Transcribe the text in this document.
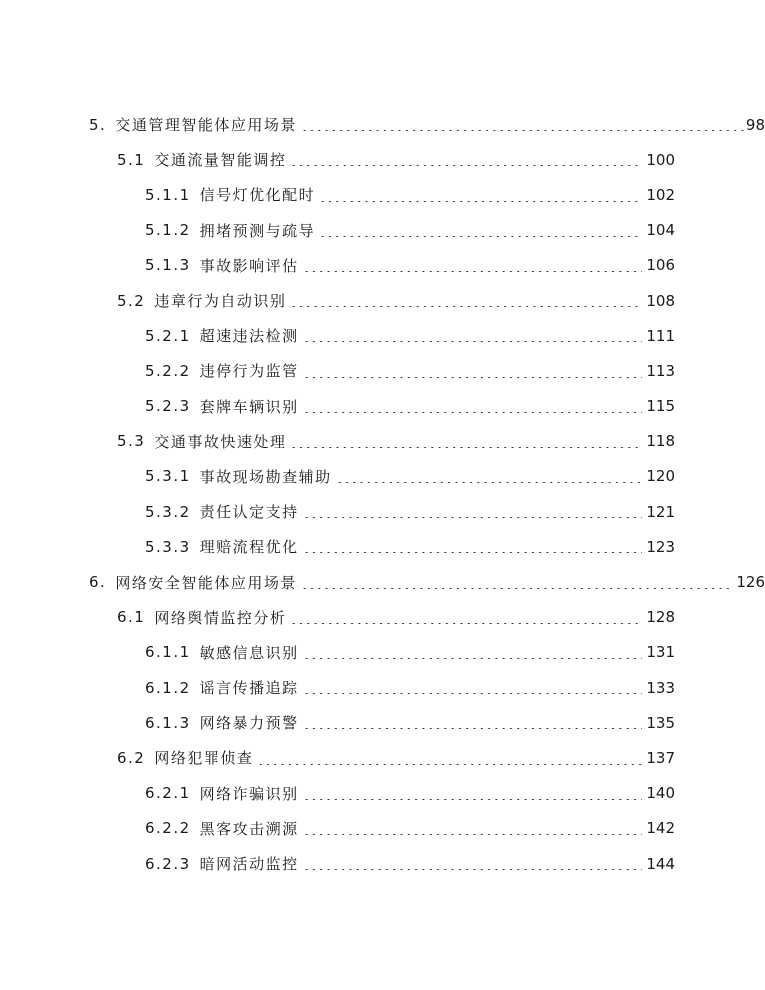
5. 交通管理智能体应用场景	98
5.1 交通流量智能调控	100
5.1.1 信号灯优化配时	102
5.1.2 拥堵预测与疏导	104
5.1.3 事故影响评估	106
5.2 违章行为自动识别	108
5.2.1 超速违法检测	111
5.2.2 违停行为监管	113
5.2.3 套牌车辆识别	115
5.3 交通事故快速处理	118
5.3.1 事故现场勘查辅助	120
5.3.2 责任认定支持	121
5.3.3 理赔流程优化	123
6. 网络安全智能体应用场景	126
6.1 网络舆情监控分析	128
6.1.1 敏感信息识别	131
6.1.2 谣言传播追踪	133
6.1.3 网络暴力预警	135
6.2 网络犯罪侦查	137
6.2.1 网络诈骗识别	140
6.2.2 黑客攻击溯源	142
6.2.3 暗网活动监控	144
